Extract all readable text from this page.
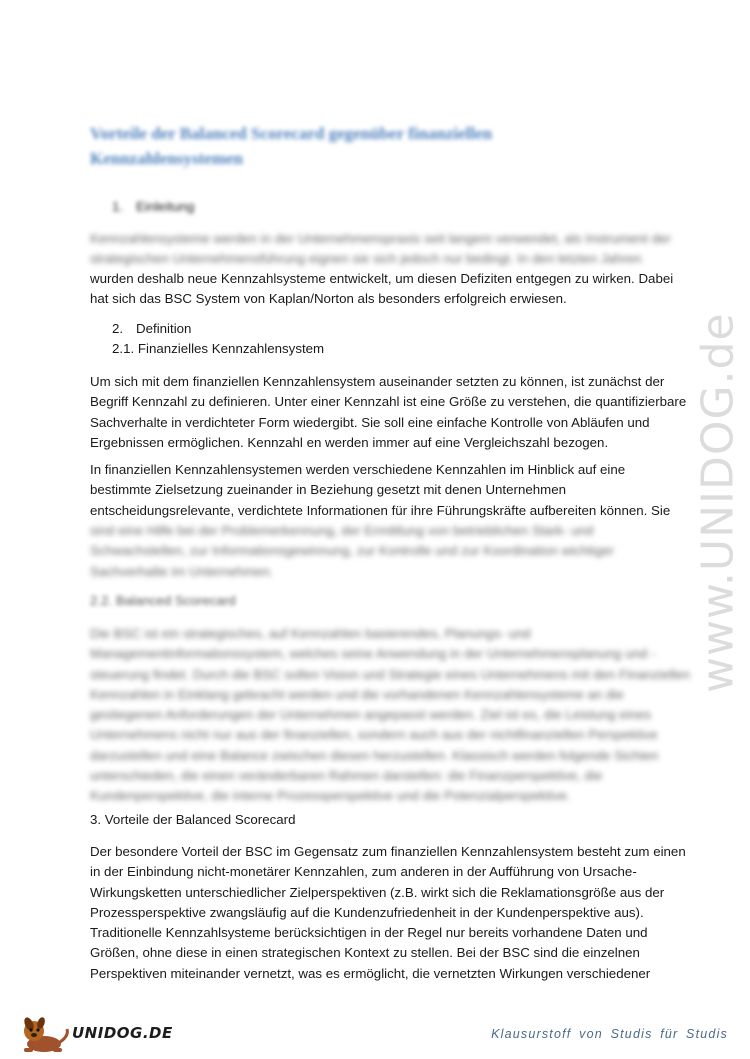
www.UNIDOG.de
Vorteile der Balanced Scorecard gegenüber finanziellen Kennzahlensystemen
1. Einleitung
Kennzahlensysteme werden in der Unternehmenspraxis seit langem verwendet, als Instrument der
strategischen Unternehmensführung eignen sie sich jedoch nur bedingt. In den letzten Jahren
wurden deshalb neue Kennzahlsysteme entwickelt, um diesen Defiziten entgegen zu wirken. Dabei
hat sich das BSC System von Kaplan/Norton als besonders erfolgreich erwiesen.
2. Definition
2.1. Finanzielles Kennzahlensystem
Um sich mit dem finanziellen Kennzahlensystem auseinander setzten zu können, ist zunächst der
Begriff Kennzahl zu definieren. Unter einer Kennzahl ist eine Größe zu verstehen, die quantifizierbare
Sachverhalte in verdichteter Form wiedergibt. Sie soll eine einfache Kontrolle von Abläufen und
Ergebnissen ermöglichen. Kennzahl en werden immer auf eine Vergleichszahl bezogen.
In finanziellen Kennzahlensystemen werden verschiedene Kennzahlen im Hinblick auf eine
bestimmte Zielsetzung zueinander in Beziehung gesetzt mit denen Unternehmen
entscheidungsrelevante, verdichtete Informationen für ihre Führungskräfte aufbereiten können. Sie
sind eine Hilfe bei der Problemerkennung, der Ermittlung von betrieblichen Stark- und
Schwachstellen, zur Informationsgewinnung, zur Kontrolle und zur Koordination wichtiger
Sachverhalte im Unternehmen.
2.2. Balanced Scorecard
Die BSC ist ein strategisches, auf Kennzahlen basierendes, Planungs- und
Managementinformationssystem, welches seine Anwendung in der Unternehmensplanung und -
steuerung findet. Durch die BSC sollen Vision und Strategie eines Unternehmens mit den Finanziellen
Kennzahlen in Einklang gebracht werden und die vorhandenen Kennzahlensysteme an die
gestiegenen Anforderungen der Unternehmen angepasst werden. Ziel ist es, die Leistung eines
Unternehmens nicht nur aus der finanziellen, sondern auch aus der nichtfinanziellen Perspektive
darzustellen und eine Balance zwischen diesen herzustellen. Klassisch werden folgende Sichten
unterschieden, die einen veränderbaren Rahmen darstellen: die Finanzperspektive, die
Kundenperspektive, die interne Prozessperspektive und die Potenzialperspektive.
3. Vorteile der Balanced Scorecard
Der besondere Vorteil der BSC im Gegensatz zum finanziellen Kennzahlensystem besteht zum einen
in der Einbindung nicht-monetärer Kennzahlen, zum anderen in der Aufführung von Ursache-
Wirkungsketten unterschiedlicher Zielperspektiven (z.B. wirkt sich die Reklamationsgröße aus der
Prozessperspektive zwangsläufig auf die Kundenzufriedenheit in der Kundenperspektive aus).
Traditionelle Kennzahlsysteme berücksichtigen in der Regel nur bereits vorhandene Daten und
Größen, ohne diese in einen strategischen Kontext zu stellen. Bei der BSC sind die einzelnen
Perspektiven miteinander vernetzt, was es ermöglicht, die vernetzten Wirkungen verschiedener
UNIDOG.DE	Klausurstoff von Studis für Studis
